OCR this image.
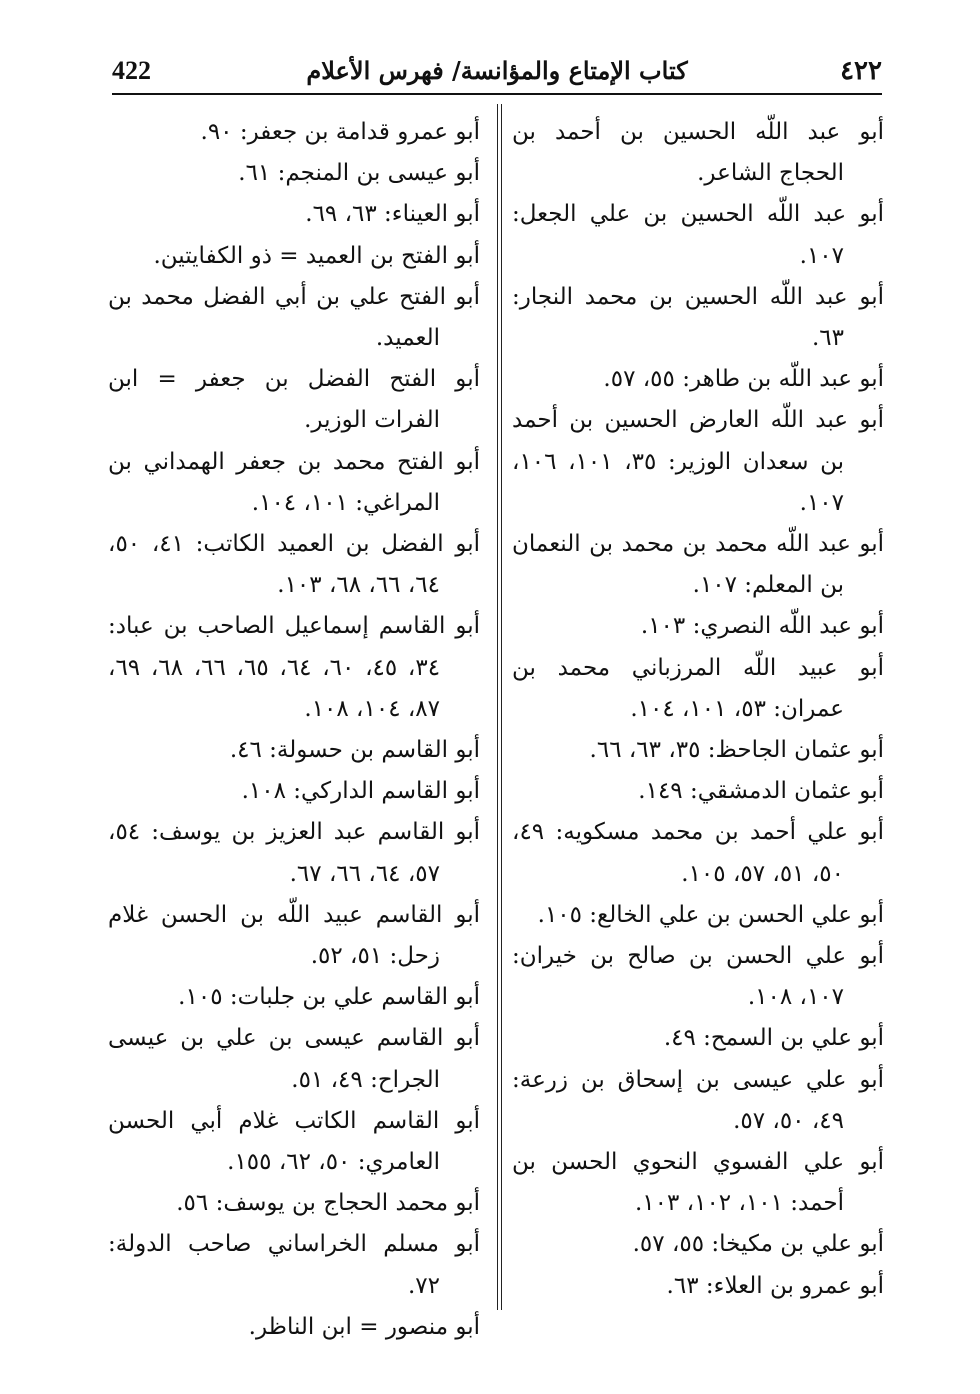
422	كتاب الإمتاع والمؤانسة/ فهرس الأعلام	٤٢٢
أبو عبد اللّه الحسين بن أحمد بن الحجاج الشاعر.
أبو عبد اللّه الحسين بن علي الجعل: ١٠٧.
أبو عبد اللّه الحسين بن محمد النجار: ٦٣.
أبو عبد اللّه بن طاهر: ٥٥، ٥٧.
أبو عبد اللّه العارض الحسين بن أحمد بن سعدان الوزير: ٣٥، ١٠١، ١٠٦، ١٠٧.
أبو عبد اللّه محمد بن محمد بن النعمان بن المعلم: ١٠٧.
أبو عبد اللّه النصري: ١٠٣.
أبو عبيد اللّه المرزباني محمد بن عمران: ٥٣، ١٠١، ١٠٤.
أبو عثمان الجاحظ: ٣٥، ٦٣، ٦٦.
أبو عثمان الدمشقي: ١٤٩.
أبو علي أحمد بن محمد مسكويه: ٤٩، ٥٠، ٥١، ٥٧، ١٠٥.
أبو علي الحسن بن علي الخالع: ١٠٥.
أبو علي الحسن بن صالح بن خيران: ١٠٧، ١٠٨.
أبو علي بن السمح: ٤٩.
أبو علي عيسى بن إسحاق بن زرعة: ٤٩، ٥٠، ٥٧.
أبو علي الفسوي النحوي الحسن بن أحمد: ١٠١، ١٠٢، ١٠٣.
أبو علي بن مكيخا: ٥٥، ٥٧.
أبو عمرو بن العلاء: ٦٣.
أبو عمرو قدامة بن جعفر: ٩٠.
أبو عيسى بن المنجم: ٦١.
أبو العيناء: ٦٣، ٦٩.
أبو الفتح بن العميد = ذو الكفايتين.
أبو الفتح علي بن أبي الفضل محمد بن العميد.
أبو الفتح الفضل بن جعفر = ابن الفرات الوزير.
أبو الفتح محمد بن جعفر الهمداني بن المراغي: ١٠١، ١٠٤.
أبو الفضل بن العميد الكاتب: ٤١، ٥٠، ٦٤، ٦٦، ٦٨، ١٠٣.
أبو القاسم إسماعيل الصاحب بن عباد: ٣٤، ٤٥، ٦٠، ٦٤، ٦٥، ٦٦، ٦٨، ٦٩، ٨٧، ١٠٤، ١٠٨.
أبو القاسم بن حسولة: ٤٦.
أبو القاسم الداركي: ١٠٨.
أبو القاسم عبد العزيز بن يوسف: ٥٤، ٥٧، ٦٤، ٦٦، ٦٧.
أبو القاسم عبيد اللّه بن الحسن غلام زحل: ٥١، ٥٢.
أبو القاسم علي بن جلبات: ١٠٥.
أبو القاسم عيسى بن علي بن عيسى الجراح: ٤٩، ٥١.
أبو القاسم الكاتب غلام أبي الحسن العامري: ٥٠، ٦٢، ١٥٥.
أبو محمد الحجاج بن يوسف: ٥٦.
أبو مسلم الخراساني صاحب الدولة: ٧٢.
أبو منصور = ابن الناظر.
